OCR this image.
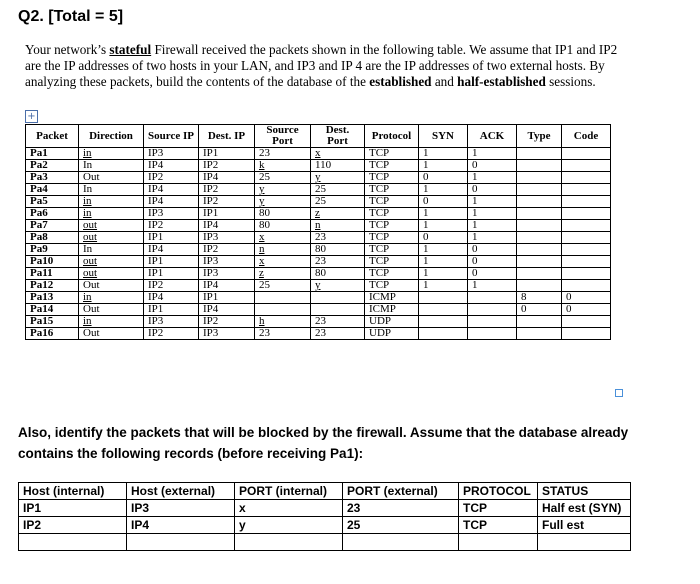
Q2. [Total = 5]
Your network’s stateful Firewall received the packets shown in the following table. We assume that IP1 and IP2 are the IP addresses of two hosts in your LAN, and IP3 and IP 4 are the IP addresses of two external hosts. By analyzing these packets, build the contents of the database of the established and half-established sessions.
+
Packet	Direction	Source IP	Dest. IP	Source Port	Dest. Port	Protocol	SYN	ACK	Type	Code
Pa1	in	IP3	IP1	23	x	TCP	1	1		
Pa2	In	IP4	IP2	k	110	TCP	1	0		
Pa3	Out	IP2	IP4	25	y	TCP	0	1		
Pa4	In	IP4	IP2	y	25	TCP	1	0		
Pa5	in	IP4	IP2	y	25	TCP	0	1		
Pa6	in	IP3	IP1	80	z	TCP	1	1		
Pa7	out	IP2	IP4	80	n	TCP	1	1		
Pa8	out	IP1	IP3	x	23	TCP	0	1		
Pa9	In	IP4	IP2	n	80	TCP	1	0		
Pa10	out	IP1	IP3	x	23	TCP	1	0		
Pa11	out	IP1	IP3	z	80	TCP	1	0		
Pa12	Out	IP2	IP4	25	y	TCP	1	1		
Pa13	in	IP4	IP1			ICMP			8	0
Pa14	Out	IP1	IP4			ICMP			0	0
Pa15	in	IP3	IP2	h	23	UDP				
Pa16	Out	IP2	IP3	23	23	UDP				
Also, identify the packets that will be blocked by the firewall. Assume that the database already contains the following records (before receiving Pa1):
Host (internal)	Host (external)	PORT (internal)	PORT (external)	PROTOCOL	STATUS
IP1	IP3	x	23	TCP	Half est (SYN)
IP2	IP4	y	25	TCP	Full est
